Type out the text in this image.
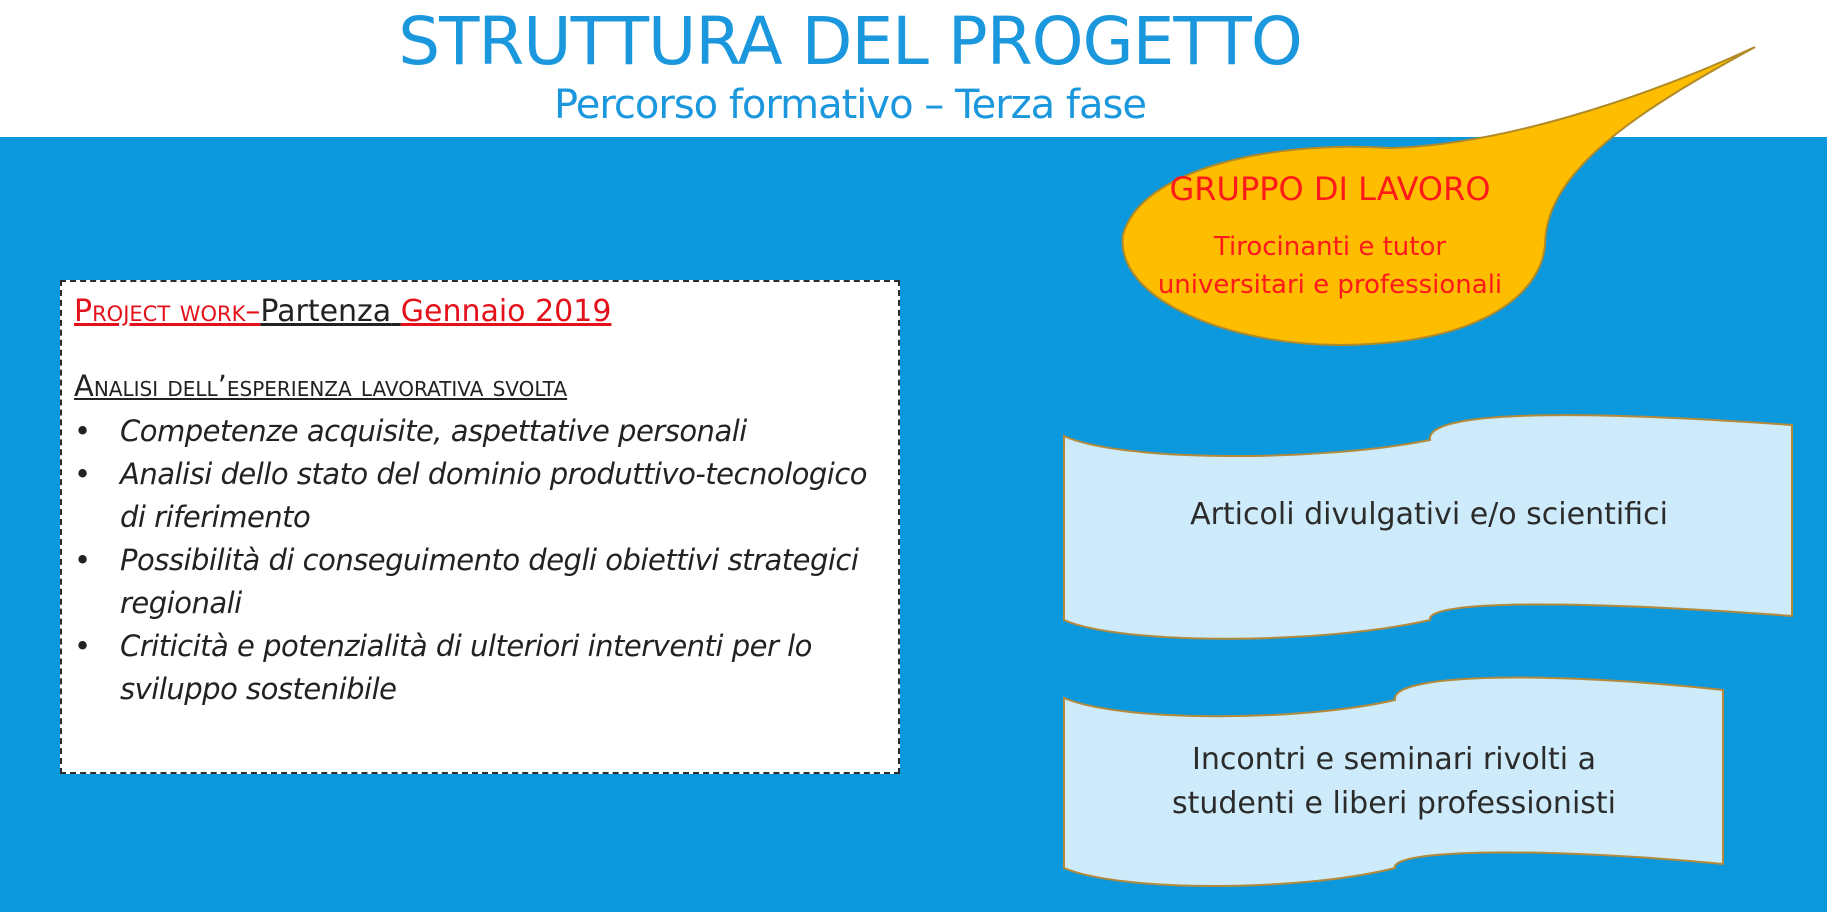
STRUTTURA DEL PROGETTO
Percorso formativo – Terza fase
Project work–Partenza Gennaio 2019
Analisi dell’esperienza lavorativa svolta
• Competenze acquisite, aspettative personali
• Analisi dello stato del dominio produttivo-tecnologico di riferimento
• Possibilità di conseguimento degli obiettivi strategici regionali
• Criticità e potenzialità di ulteriori interventi per lo sviluppo sostenibile
GRUPPO DI LAVORO
Tirocinanti e tutor
universitari e professionali
Articoli divulgativi e/o scientifici
Incontri e seminari rivolti a
studenti e liberi professionisti
